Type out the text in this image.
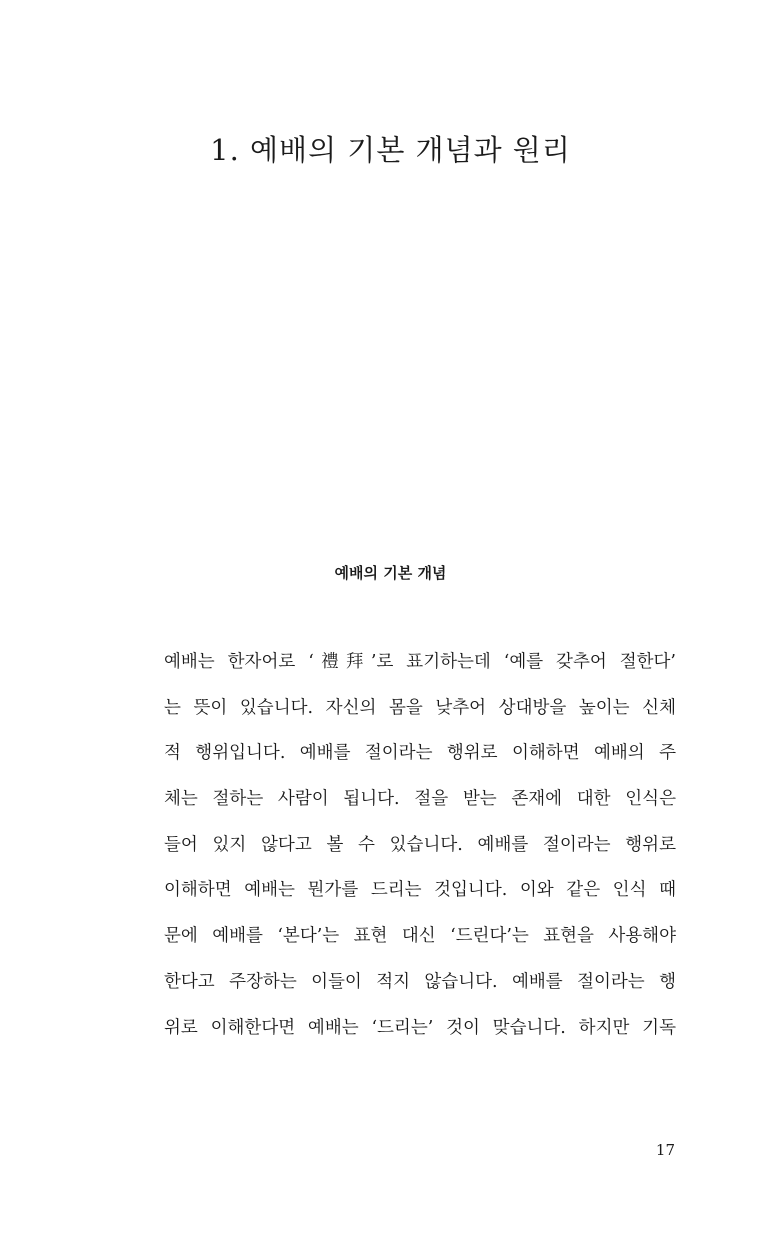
1. 예배의 기본 개념과 원리
예배의 기본 개념
예배는 한자어로 ‘禮拜’로 표기하는데 ‘예를 갖추어 절한다’
는 뜻이 있습니다. 자신의 몸을 낮추어 상대방을 높이는 신체
적 행위입니다. 예배를 절이라는 행위로 이해하면 예배의 주
체는 절하는 사람이 됩니다. 절을 받는 존재에 대한 인식은
들어 있지 않다고 볼 수 있습니다. 예배를 절이라는 행위로
이해하면 예배는 뭔가를 드리는 것입니다. 이와 같은 인식 때
문에 예배를 ‘본다’는 표현 대신 ‘드린다’는 표현을 사용해야
한다고 주장하는 이들이 적지 않습니다. 예배를 절이라는 행
위로 이해한다면 예배는 ‘드리는’ 것이 맞습니다. 하지만 기독

17
